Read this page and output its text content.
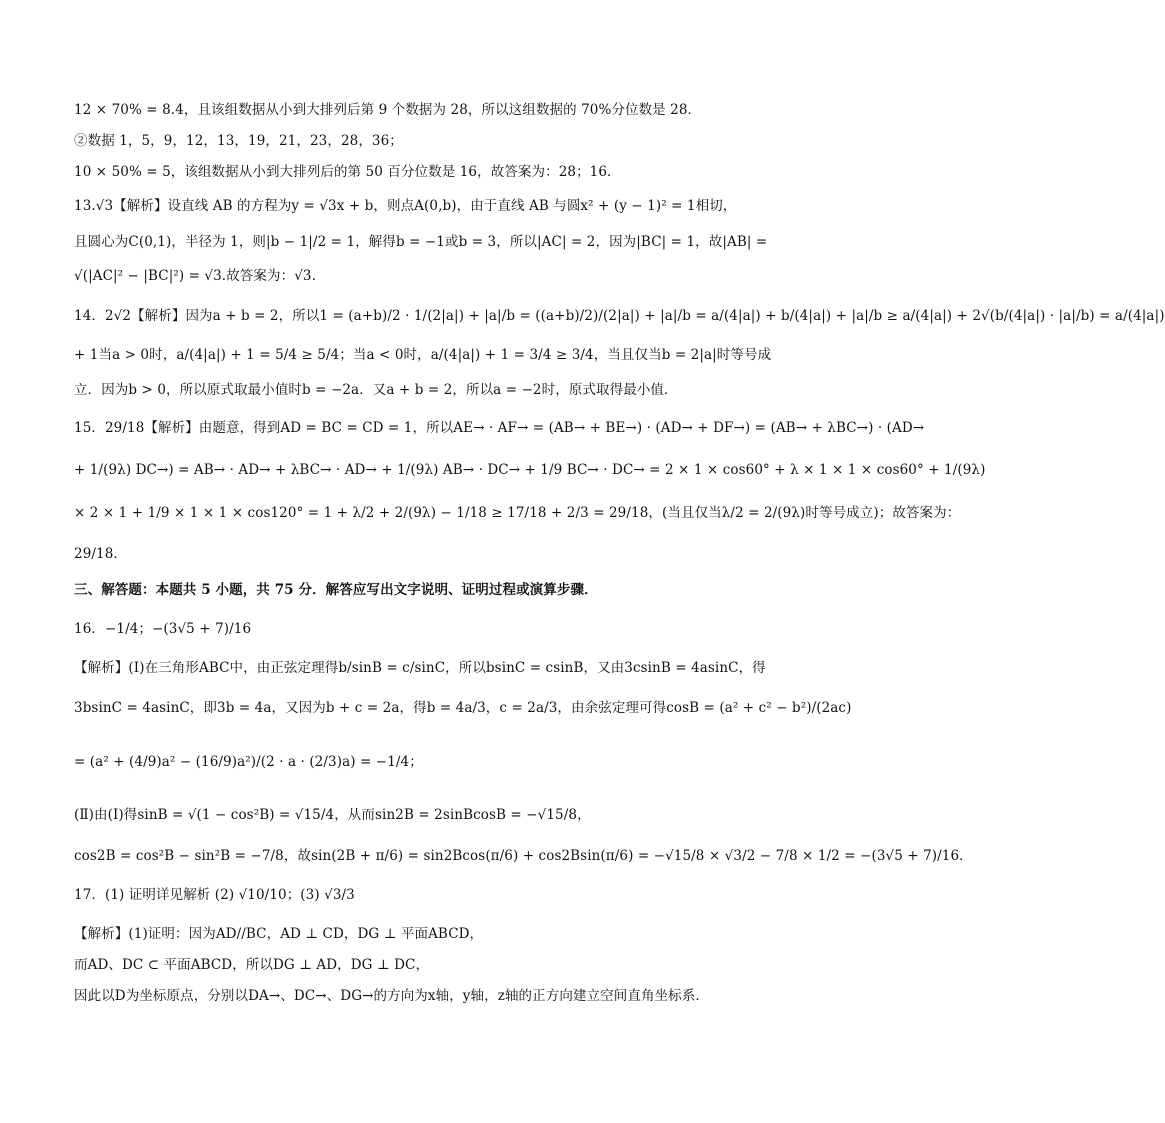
12 × 70% = 8.4，且该组数据从小到大排列后第 9 个数据为 28，所以这组数据的 70%分位数是 28．
②数据 1，5，9，12，13，19，21，23，28，36；
10 × 50% = 5，该组数据从小到大排列后的第 50 百分位数是 16，故答案为：28；16．
13.√3【解析】设直线 AB 的方程为y = √3x + b，则点A(0,b)，由于直线 AB 与圆x² + (y − 1)² = 1相切，
且圆心为C(0,1)，半径为 1，则|b − 1|/2 = 1，解得b = −1或b = 3，所以|AC| = 2，因为|BC| = 1，故|AB| =
√(|AC|² − |BC|²) = √3.故答案为：√3.
14．2√2【解析】因为a + b = 2，所以1 = (a+b)/2 · 1/(2|a|) + |a|/b = ((a+b)/2)/(2|a|) + |a|/b = a/(4|a|) + b/(4|a|) + |a|/b ≥ a/(4|a|) + 2√(b/(4|a|) · |a|/b) = a/(4|a|)
+ 1当a > 0时，a/(4|a|) + 1 = 5/4 ≥ 5/4；当a < 0时，a/(4|a|) + 1 = 3/4 ≥ 3/4，当且仅当b = 2|a|时等号成
立．因为b > 0，所以原式取最小值时b = −2a．又a + b = 2，所以a = −2时，原式取得最小值．
15．29/18【解析】由题意，得到AD = BC = CD = 1，所以AE→ · AF→ = (AB→ + BE→) · (AD→ + DF→) = (AB→ + λBC→) · (AD→
+ 1/(9λ) DC→) = AB→ · AD→ + λBC→ · AD→ + 1/(9λ) AB→ · DC→ + 1/9 BC→ · DC→ = 2 × 1 × cos60° + λ × 1 × 1 × cos60° + 1/(9λ)
× 2 × 1 + 1/9 × 1 × 1 × cos120° = 1 + λ/2 + 2/(9λ) − 1/18 ≥ 17/18 + 2/3 = 29/18，(当且仅当λ/2 = 2/(9λ)时等号成立)；故答案为：
29/18．
三、解答题：本题共 5 小题，共 75 分．解答应写出文字说明、证明过程或演算步骤．
16．−1/4；−(3√5 + 7)/16
【解析】(Ⅰ)在三角形ABC中，由正弦定理得b/sinB = c/sinC，所以bsinC = csinB，又由3csinB = 4asinC，得
3bsinC = 4asinC，即3b = 4a，又因为b + c = 2a，得b = 4a/3，c = 2a/3，由余弦定理可得cosB = (a² + c² − b²)/(2ac)
= (a² + (4/9)a² − (16/9)a²)/(2 · a · (2/3)a) = −1/4；
(Ⅱ)由(Ⅰ)得sinB = √(1 − cos²B) = √15/4，从而sin2B = 2sinBcosB = −√15/8，
cos2B = cos²B − sin²B = −7/8，故sin(2B + π/6) = sin2Bcos(π/6) + cos2Bsin(π/6) = −√15/8 × √3/2 − 7/8 × 1/2 = −(3√5 + 7)/16．
17．(1) 证明详见解析 (2) √10/10；(3) √3/3
【解析】(1)证明：因为AD//BC，AD ⊥ CD，DG ⊥ 平面ABCD，
而AD、DC ⊂ 平面ABCD，所以DG ⊥ AD，DG ⊥ DC，
因此以D为坐标原点，分别以DA→、DC→、DG→的方向为x轴，y轴，z轴的正方向建立空间直角坐标系．
